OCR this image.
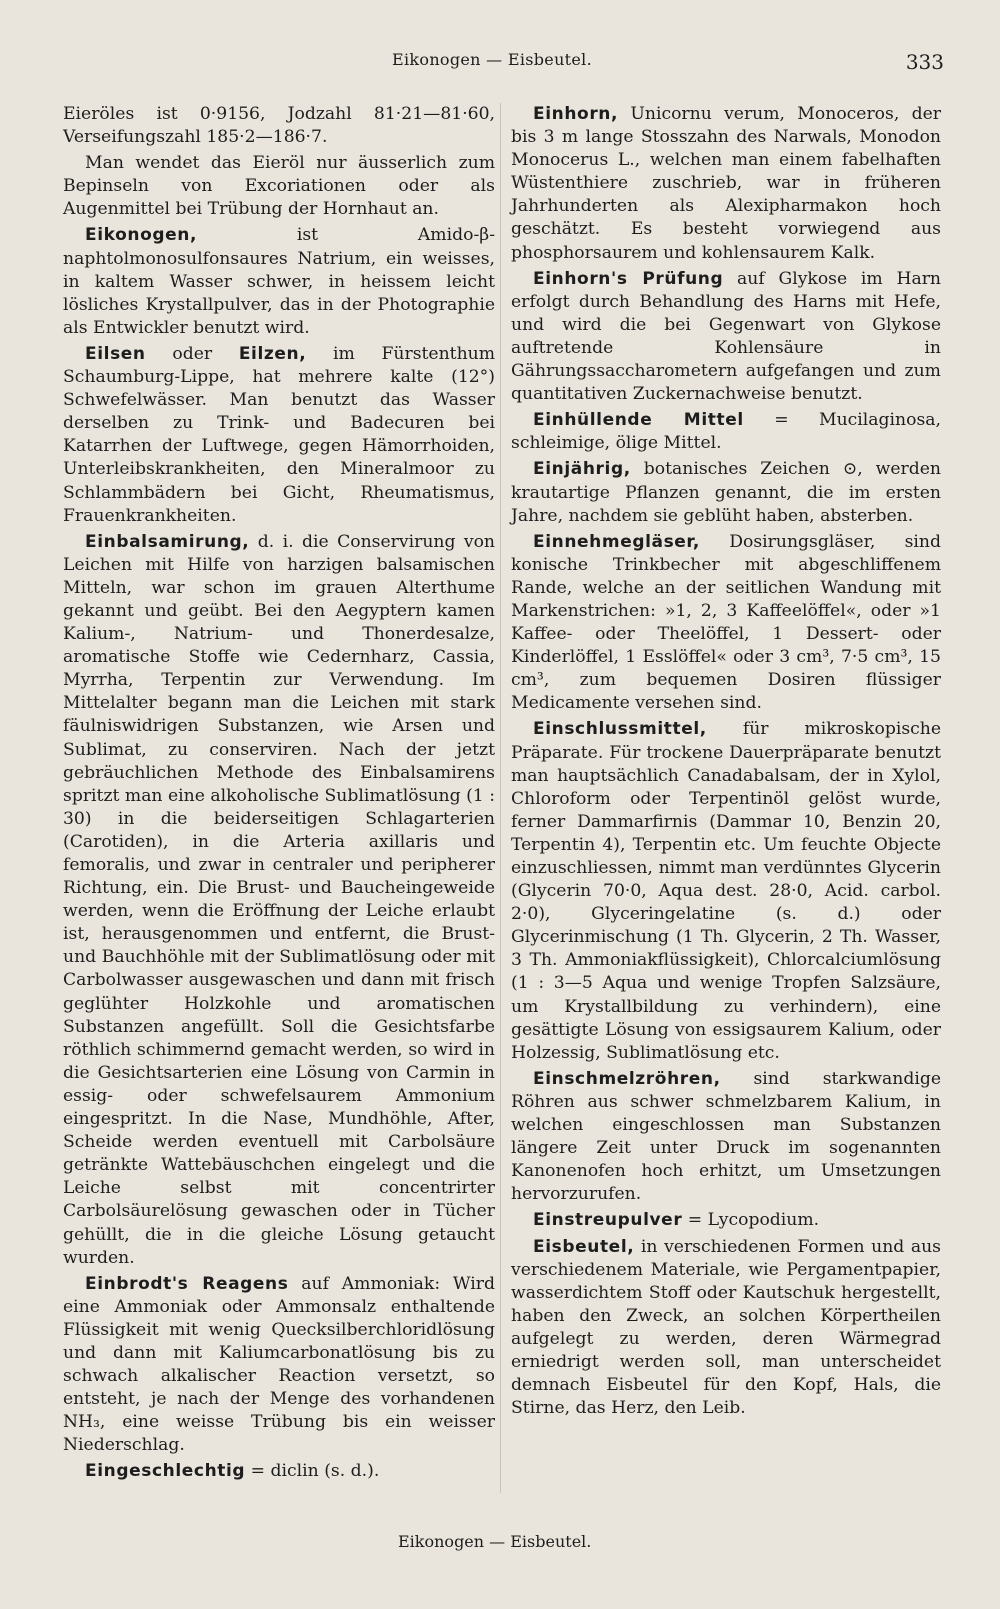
Eikonogen — Eisbeutel.	333

Eieröles ist 0·9156, Jodzahl 81·21—81·60, Verseifungszahl 185·2—186·7.

Man wendet das Eieröl nur äusserlich zum Bepinseln von Excoriationen oder als Augenmittel bei Trübung der Hornhaut an.

Eikonogen,	ist Amido-β-naphtolmonosulfonsaures Natrium, ein weisses, in kaltem Wasser schwer, in heissem leicht lösliches Krystallpulver, das in der Photographie als Entwickler benutzt wird.

Eilsen oder Eilzen, im Fürstenthum Schaumburg-Lippe, hat mehrere kalte (12°) Schwefelwässer. Man benutzt das Wasser derselben zu Trink- und Badecuren bei Katarrhen der Luftwege, gegen Hämorrhoiden, Unterleibskrankheiten, den Mineralmoor zu Schlammbädern bei Gicht, Rheumatismus, Frauenkrankheiten.

Einbalsamirung, d. i. die Conservirung von Leichen mit Hilfe von harzigen balsamischen Mitteln, war schon im grauen Alterthume gekannt und geübt. Bei den Aegyptern kamen Kalium-, Natrium- und Thonerdesalze, aromatische Stoffe wie Cedernharz, Cassia, Myrrha, Terpentin zur Verwendung. Im Mittelalter begann man die Leichen mit stark fäulniswidrigen Substanzen, wie Arsen und Sublimat, zu conserviren. Nach der jetzt gebräuchlichen Methode des Einbalsamirens spritzt man eine alkoholische Sublimatlösung (1 : 30) in die beiderseitigen Schlagarterien (Carotiden), in die Arteria axillaris und femoralis, und zwar in centraler und peripherer Richtung, ein. Die Brust- und Baucheingeweide werden, wenn die Eröffnung der Leiche erlaubt ist, herausgenommen und entfernt, die Brust- und Bauchhöhle mit der Sublimatlösung oder mit Carbolwasser ausgewaschen und dann mit frisch geglühter Holzkohle und aromatischen Substanzen angefüllt. Soll die Gesichtsfarbe röthlich schimmernd gemacht werden, so wird in die Gesichtsarterien eine Lösung von Carmin in essig- oder schwefelsaurem Ammonium eingespritzt. In die Nase, Mundhöhle, After, Scheide werden eventuell mit Carbolsäure getränkte Wattebäuschchen eingelegt und die Leiche selbst mit concentrirter Carbolsäurelösung gewaschen oder in Tücher gehüllt, die in die gleiche Lösung getaucht wurden.

Einbrodt's Reagens auf Ammoniak: Wird eine Ammoniak oder Ammonsalz enthaltende Flüssigkeit mit wenig Quecksilberchloridlösung und dann mit Kaliumcarbonatlösung bis zu schwach alkalischer Reaction versetzt, so entsteht, je nach der Menge des vorhandenen NH₃, eine weisse Trübung bis ein weisser Niederschlag.

Eingeschlechtig = diclin (s. d.).

Einhorn, Unicornu verum, Monoceros, der bis 3 m lange Stosszahn des Narwals, Monodon Monocerus L., welchen man einem fabelhaften Wüstenthiere zuschrieb, war in früheren Jahrhunderten als Alexipharmakon hoch geschätzt. Es besteht vorwiegend aus phosphorsaurem und kohlensaurem Kalk.

Einhorn's Prüfung auf Glykose im Harn erfolgt durch Behandlung des Harns mit Hefe, und wird die bei Gegenwart von Glykose auftretende Kohlensäure in Gährungssaccharometern aufgefangen und zum quantitativen Zuckernachweise benutzt.

Einhüllende Mittel = Mucilaginosa, schleimige, ölige Mittel.

Einjährig, botanisches Zeichen ⊙, werden krautartige Pflanzen genannt, die im ersten Jahre, nachdem sie geblüht haben, absterben.

Einnehmegläser, Dosirungsgläser, sind konische Trinkbecher mit abgeschliffenem Rande, welche an der seitlichen Wandung mit Markenstrichen: »1, 2, 3 Kaffeelöffel«, oder »1 Kaffee- oder Theelöffel, 1 Dessert- oder Kinderlöffel, 1 Esslöffel« oder 3 cm³, 7·5 cm³, 15 cm³, zum bequemen Dosiren flüssiger Medicamente versehen sind.

Einschlussmittel, für mikroskopische Präparate. Für trockene Dauerpräparate benutzt man hauptsächlich Canadabalsam, der in Xylol, Chloroform oder Terpentinöl gelöst wurde, ferner Dammarfirnis (Dammar 10, Benzin 20, Terpentin 4), Terpentin etc. Um feuchte Objecte einzuschliessen, nimmt man verdünntes Glycerin (Glycerin 70·0, Aqua dest. 28·0, Acid. carbol. 2·0), Glyceringelatine (s. d.) oder Glycerinmischung (1 Th. Glycerin, 2 Th. Wasser, 3 Th. Ammoniakflüssigkeit), Chlorcalciumlösung (1 : 3—5 Aqua und wenige Tropfen Salzsäure, um Krystallbildung zu verhindern), eine gesättigte Lösung von essigsaurem Kalium, oder Holzessig, Sublimatlösung etc.

Einschmelzröhren, sind starkwandige Röhren aus schwer schmelzbarem Kalium, in welchen eingeschlossen man Substanzen längere Zeit unter Druck im sogenannten Kanonenofen hoch erhitzt, um Umsetzungen hervorzurufen.

Einstreupulver = Lycopodium.

Eisbeutel, in verschiedenen Formen und aus verschiedenem Materiale, wie Pergamentpapier, wasserdichtem Stoff oder Kautschuk hergestellt, haben den Zweck, an solchen Körpertheilen aufgelegt zu werden, deren Wärmegrad erniedrigt werden soll, man unterscheidet demnach Eisbeutel für den Kopf, Hals, die Stirne, das Herz, den Leib.

Eikonogen — Eisbeutel.
